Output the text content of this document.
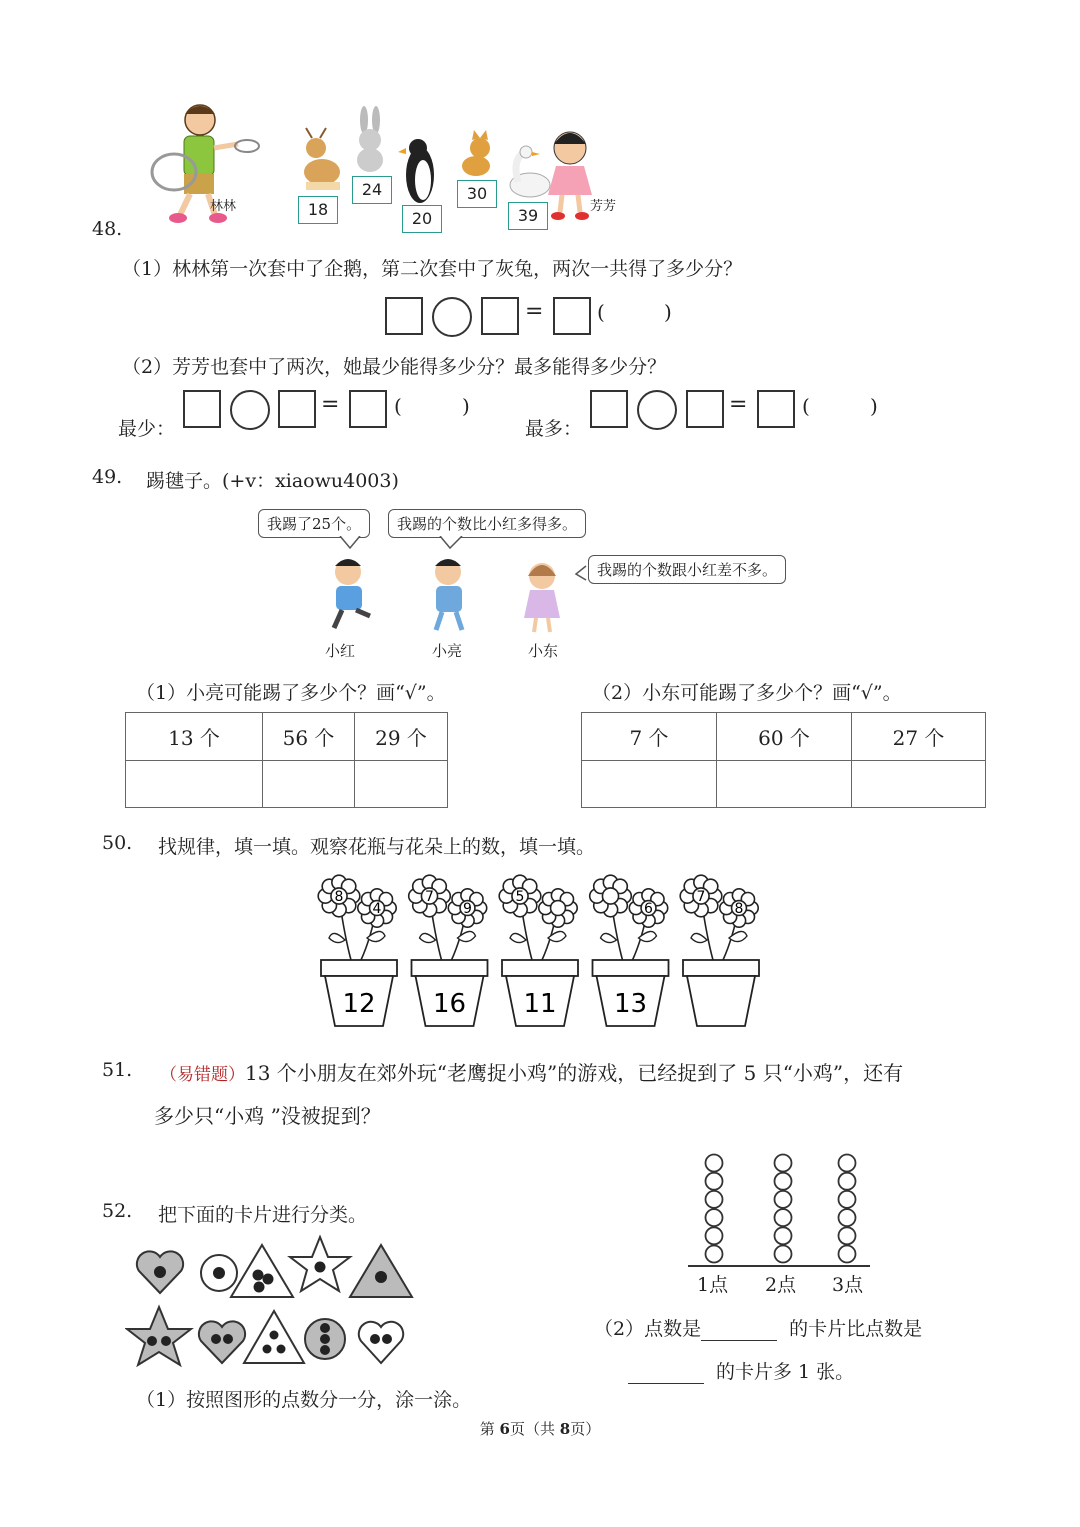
林林	芳芳
18
24
20
30
39
48.
（1）林林第一次套中了企鹅，第二次套中了灰兔，两次一共得了多少分？
=	(	)
（2）芳芳也套中了两次，她最少能得多少分？最多能得多少分？
最少：
=	(	)
最多：
=	(	)
49. 踢毽子。(+v：xiaowu4003)
我踢了25个。	我踢的个数比小红多得多。
我踢的个数跟小红差不多。
小红	小亮	小东
（1）小亮可能踢了多少个？画“√”。	（2）小东可能踢了多少个？画“√”。
13 个	56 个	29 个
			7 个	60 个	27 个

50. 找规律，填一填。观察花瓶与花朵上的数，填一填。
8
4
12
7
9
16
5
11
6
13
7
8
51. （易错题）13 个小朋友在郊外玩“老鹰捉小鸡”的游戏，已经捉到了 5 只“小鸡”，还有
多少只“小鸡 ”没被捉到？
52. 把下面的卡片进行分类。
1点 2点 3点
（2）点数是	的卡片比点数是
的卡片多 1 张。
（1）按照图形的点数分一分，涂一涂。
第 6页（共 8页）
